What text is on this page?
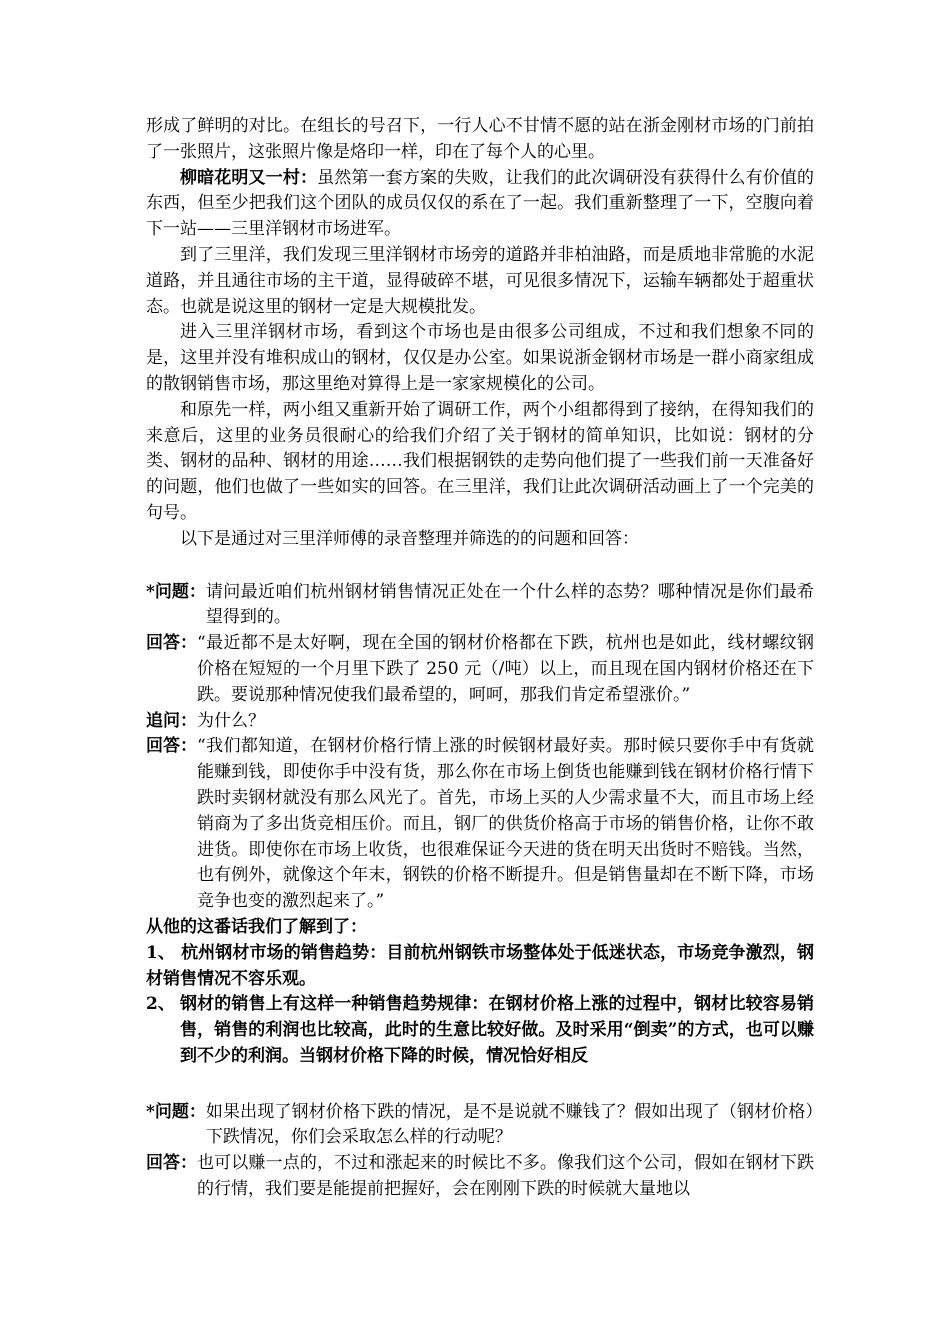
形成了鲜明的对比。在组长的号召下，一行人心不甘情不愿的站在浙金刚材市场的门前拍了一张照片，这张照片像是烙印一样，印在了每个人的心里。

柳暗花明又一村：虽然第一套方案的失败，让我们的此次调研没有获得什么有价值的东西，但至少把我们这个团队的成员仅仅的系在了一起。我们重新整理了一下，空腹向着下一站——三里洋钢材市场进军。

到了三里洋，我们发现三里洋钢材市场旁的道路并非柏油路，而是质地非常脆的水泥道路，并且通往市场的主干道，显得破碎不堪，可见很多情况下，运输车辆都处于超重状态。也就是说这里的钢材一定是大规模批发。

进入三里洋钢材市场，看到这个市场也是由很多公司组成，不过和我们想象不同的是，这里并没有堆积成山的钢材，仅仅是办公室。如果说浙金钢材市场是一群小商家组成的散钢销售市场，那这里绝对算得上是一家家规模化的公司。

和原先一样，两小组又重新开始了调研工作，两个小组都得到了接纳，在得知我们的来意后，这里的业务员很耐心的给我们介绍了关于钢材的简单知识，比如说：钢材的分类、钢材的品种、钢材的用途……我们根据钢铁的走势向他们提了一些我们前一天准备好的问题，他们也做了一些如实的回答。在三里洋，我们让此次调研活动画上了一个完美的句号。

以下是通过对三里洋师傅的录音整理并筛选的的问题和回答：

*问题： 请问最近咱们杭州钢材销售情况正处在一个什么样的态势？哪种情况是你们最希望得到的。
回答： “最近都不是太好啊，现在全国的钢材价格都在下跌，杭州也是如此，线材螺纹钢价格在短短的一个月里下跌了 250 元（/吨）以上，而且现在国内钢材价格还在下跌。要说那种情况使我们最希望的，呵呵，那我们肯定希望涨价。”
追问： 为什么？
回答： “我们都知道，在钢材价格行情上涨的时候钢材最好卖。那时候只要你手中有货就能赚到钱，即使你手中没有货，那么你在市场上倒货也能赚到钱在钢材价格行情下跌时卖钢材就没有那么风光了。首先，市场上买的人少需求量不大，而且市场上经销商为了多出货竞相压价。而且，钢厂的供货价格高于市场的销售价格，让你不敢进货。即使你在市场上收货，也很难保证今天进的货在明天出货时不赔钱。当然，也有例外，就像这个年末，钢铁的价格不断提升。但是销售量却在不断下降，市场竞争也变的激烈起来了。”

从他的这番话我们了解到了：

1、 杭州钢材市场的销售趋势：目前杭州钢铁市场整体处于低迷状态，市场竞争激烈，钢材销售情况不容乐观。

2、 钢材的销售上有这样一种销售趋势规律：在钢材价格上涨的过程中，钢材比较容易销售，销售的利润也比较高，此时的生意比较好做。及时采用“倒卖”的方式，也可以赚到不少的利润。当钢材价格下降的时候，情况恰好相反
*问题： 如果出现了钢材价格下跌的情况，是不是说就不赚钱了？假如出现了（钢材价格）下跌情况，你们会采取怎么样的行动呢？
回答： 也可以赚一点的，不过和涨起来的时候比不多。像我们这个公司，假如在钢材下跌的行情，我们要是能提前把握好，会在刚刚下跌的时候就大量地以
